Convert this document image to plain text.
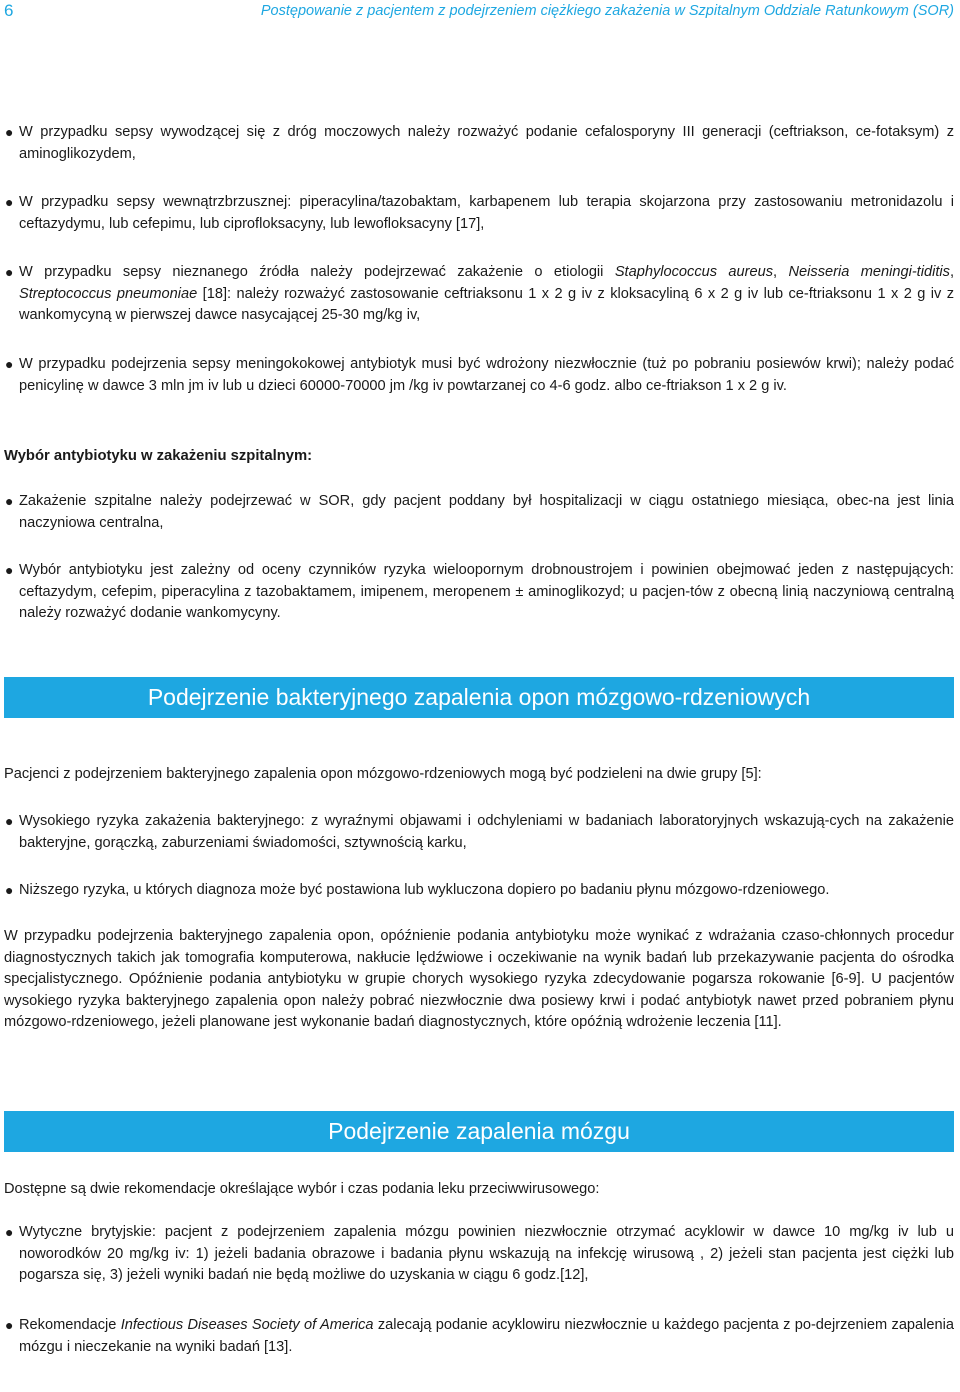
6	Postępowanie z pacjentem z podejrzeniem ciężkiego zakażenia w Szpitalnym Oddziale Ratunkowym (SOR)
● W przypadku sepsy wywodzącej się z dróg moczowych należy rozważyć podanie cefalosporyny III generacji (ceftriakson, ce-fotaksym) z aminoglikozydem,
● W przypadku sepsy wewnątrzbrzusznej: piperacylina/tazobaktam, karbapenem lub terapia skojarzona przy zastosowaniu metronidazolu i ceftazydymu, lub cefepimu, lub ciprofloksacyny, lub lewofloksacyny [17],
● W przypadku sepsy nieznanego źródła należy podejrzewać zakażenie o etiologii Staphylococcus aureus, Neisseria meningi-tiditis, Streptococcus pneumoniae [18]: należy rozważyć zastosowanie ceftriaksonu 1 x 2 g iv z kloksacyliną 6 x 2 g iv lub ce-ftriaksonu 1 x 2 g iv z wankomycyną w pierwszej dawce nasycającej 25-30 mg/kg iv,
● W przypadku podejrzenia sepsy meningokokowej antybiotyk musi być wdrożony niezwłocznie (tuż po pobraniu posiewów krwi); należy podać penicylinę w dawce 3 mln jm iv lub u dzieci 60000-70000 jm /kg iv powtarzanej co 4-6 godz. albo ce-ftriakson 1 x 2 g iv.
Wybór antybiotyku w zakażeniu szpitalnym:
● Zakażenie szpitalne należy podejrzewać w SOR, gdy pacjent poddany był hospitalizacji w ciągu ostatniego miesiąca, obec-na jest linia naczyniowa centralna,
● Wybór antybiotyku jest zależny od oceny czynników ryzyka wieloopornym drobnoustrojem i powinien obejmować jeden z następujących: ceftazydym, cefepim, piperacylina z tazobaktamem, imipenem, meropenem ± aminoglikozyd; u pacjen-tów z obecną linią naczyniową centralną należy rozważyć dodanie wankomycyny.
Podejrzenie bakteryjnego zapalenia opon mózgowo-rdzeniowych
Pacjenci z podejrzeniem bakteryjnego zapalenia opon mózgowo-rdzeniowych mogą być podzieleni na dwie grupy [5]:
● Wysokiego ryzyka zakażenia bakteryjnego: z wyraźnymi objawami i odchyleniami w badaniach laboratoryjnych wskazują-cych na zakażenie bakteryjne, gorączką, zaburzeniami świadomości, sztywnością karku,
● Niższego ryzyka, u których diagnoza może być postawiona lub wykluczona dopiero po badaniu płynu mózgowo-rdzeniowego.
W przypadku podejrzenia bakteryjnego zapalenia opon, opóźnienie podania antybiotyku może wynikać z wdrażania czaso-chłonnych procedur diagnostycznych takich jak tomografia komputerowa, nakłucie lędźwiowe i oczekiwanie na wynik badań lub przekazywanie pacjenta do ośrodka specjalistycznego. Opóźnienie podania antybiotyku w grupie chorych wysokiego ryzyka zdecydowanie pogarsza rokowanie [6-9]. U pacjentów wysokiego ryzyka bakteryjnego zapalenia opon należy pobrać niezwłocznie dwa posiewy krwi i podać antybiotyk nawet przed pobraniem płynu mózgowo-rdzeniowego, jeżeli planowane jest wykonanie badań diagnostycznych, które opóźnią wdrożenie leczenia [11].
Podejrzenie zapalenia mózgu
Dostępne są dwie rekomendacje określające wybór i czas podania leku przeciwwirusowego:
● Wytyczne brytyjskie: pacjent z podejrzeniem zapalenia mózgu powinien niezwłocznie otrzymać acyklowir w dawce 10 mg/kg iv lub u noworodków 20 mg/kg iv: 1) jeżeli badania obrazowe i badania płynu wskazują na infekcję wirusową , 2) jeżeli stan pacjenta jest ciężki lub pogarsza się, 3) jeżeli wyniki badań nie będą możliwe do uzyskania w ciągu 6 godz.[12],
● Rekomendacje Infectious Diseases Society of America zalecają podanie acyklowiru niezwłocznie u każdego pacjenta z po-dejrzeniem zapalenia mózgu i nieczekanie na wyniki badań [13].
